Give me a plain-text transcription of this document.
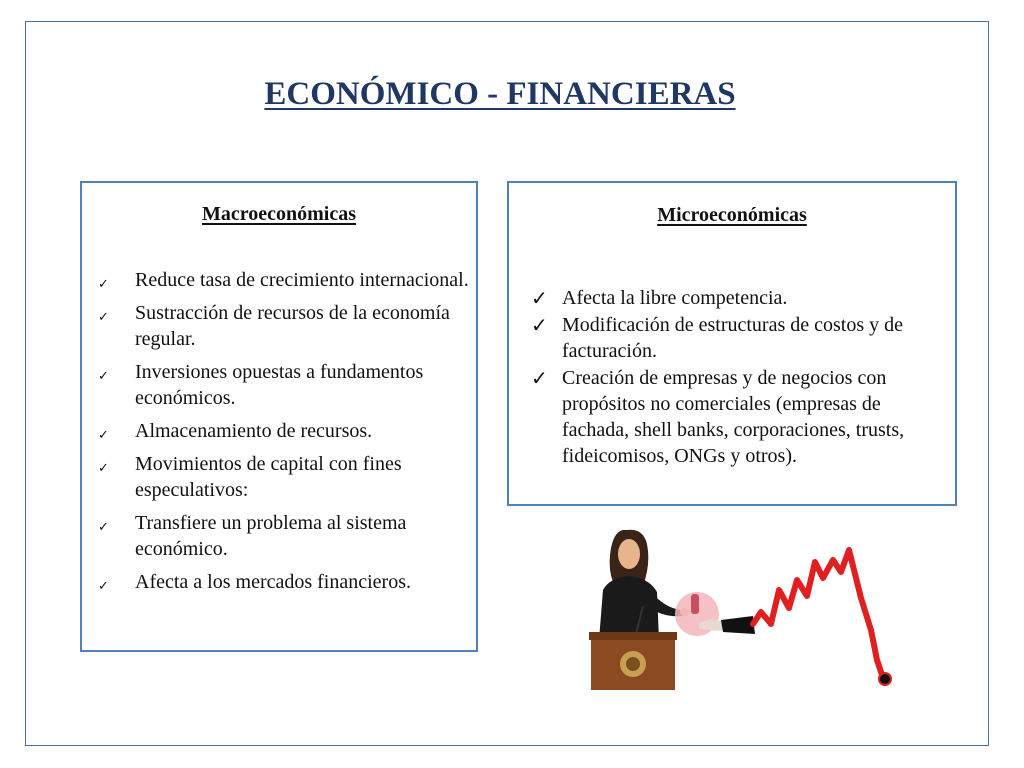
ECONÓMICO - FINANCIERAS
Macroeconómicas
✓ Reduce tasa de crecimiento internacional.
✓ Sustracción de recursos de la economía regular.
✓ Inversiones opuestas a fundamentos económicos.
✓ Almacenamiento de recursos.
✓ Movimientos de capital con fines especulativos:
✓ Transfiere un problema al sistema económico.
✓ Afecta a los mercados financieros.
Microeconómicas
✓ Afecta la libre competencia.
✓ Modificación de estructuras de costos y de facturación.
✓ Creación de empresas y de negocios con propósitos no comerciales (empresas de fachada, shell banks, corporaciones, trusts, fideicomisos, ONGs y otros).
